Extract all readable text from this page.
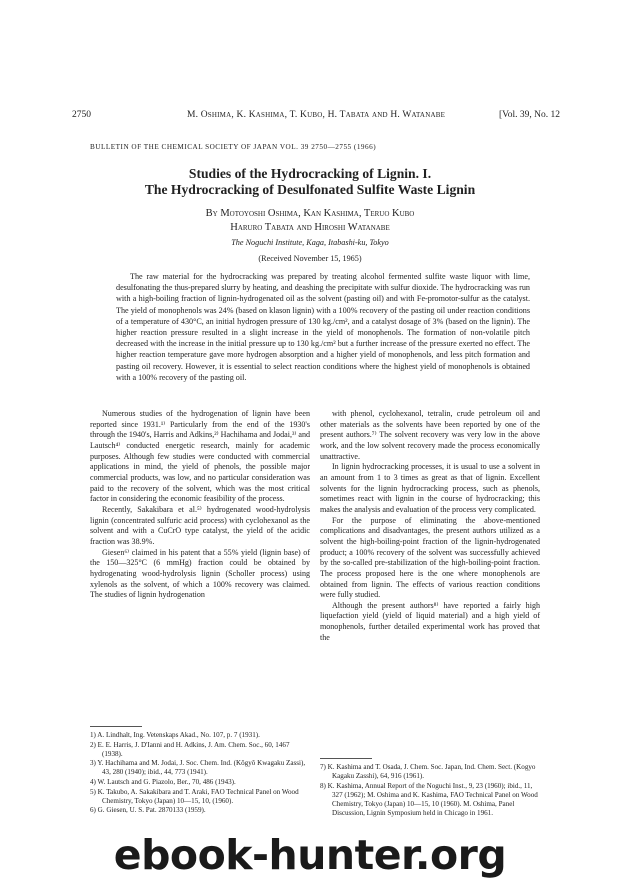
2750	M. Oshima, K. Kashima, T. Kubo, H. Tabata and H. Watanabe	[Vol. 39, No. 12
BULLETIN OF THE CHEMICAL SOCIETY OF JAPAN VOL. 39 2750—2755 (1966)
Studies of the Hydrocracking of Lignin. I.
The Hydrocracking of Desulfonated Sulfite Waste Lignin
By Motoyoshi Oshima, Kan Kashima, Teruo Kubo
Haruro Tabata and Hiroshi Watanabe
The Noguchi Institute, Kaga, Itabashi-ku, Tokyo
(Received November 15, 1965)

The raw material for the hydrocracking was prepared by treating alcohol fermented sulfite waste liquor with lime, desulfonating the thus-prepared slurry by heating, and deashing the precipitate with sulfur dioxide. The hydrocracking was run with a high-boiling fraction of lignin-hydrogenated oil as the solvent (pasting oil) and with Fe-promotor-sulfur as the catalyst. The yield of monophenols was 24% (based on klason lignin) with a 100% recovery of the pasting oil under reaction conditions of a temperature of 430°C, an initial hydrogen pressure of 130 kg./cm², and a catalyst dosage of 3% (based on the lignin). The higher reaction pressure resulted in a slight increase in the yield of monophenols. The formation of non-volatile pitch decreased with the increase in the initial pressure up to 130 kg./cm² but a further increase of the pressure exerted no effect. The higher reaction temperature gave more hydrogen absorption and a higher yield of monophenols, and less pitch formation and pasting oil recovery. However, it is essential to select reaction conditions where the highest yield of monophenols is obtained with a 100% recovery of the pasting oil.

Numerous studies of the hydrogenation of lignin have been reported since 1931.¹⁾ Particularly from the end of the 1930's through the 1940's, Harris and Adkins,²⁾ Hachihama and Jodai,³⁾ and Lautsch⁴⁾ conducted energetic research, mainly for academic purposes. Although few studies were conducted with commercial applications in mind, the yield of phenols, the possible major commercial products, was low, and no particular consideration was paid to the recovery of the solvent, which was the most critical factor in considering the economic feasibility of the process.

Recently, Sakakibara et al.⁵⁾ hydrogenated wood-hydrolysis lignin (concentrated sulfuric acid process) with cyclohexanol as the solvent and with a CuCrO type catalyst, the yield of the acidic fraction was 38.9%.

Giesen⁶⁾ claimed in his patent that a 55% yield (lignin base) of the 150—325°C (6 mmHg) fraction could be obtained by hydrogenating wood-hydrolysis lignin (Scholler process) using xylenols as the solvent, of which a 100% recovery was claimed. The studies of lignin hydrogenation

with phenol, cyclohexanol, tetralin, crude petroleum oil and other materials as the solvents have been reported by one of the present authors.⁷⁾ The solvent recovery was very low in the above work, and the low solvent recovery made the process economically unattractive.

In lignin hydrocracking processes, it is usual to use a solvent in an amount from 1 to 3 times as great as that of lignin. Excellent solvents for the lignin hydrocracking process, such as phenols, sometimes react with lignin in the course of hydrocracking; this makes the analysis and evaluation of the process very complicated.

For the purpose of eliminating the above-mentioned complications and disadvantages, the present authors utilized as a solvent the high-boiling-point fraction of the lignin-hydrogenated product; a 100% recovery of the solvent was successfully achieved by the so-called pre-stabilization of the high-boiling-point fraction. The process proposed here is the one where monophenols are obtained from lignin. The effects of various reaction conditions were fully studied.

Although the present authors⁸⁾ have reported a fairly high liquefaction yield (yield of liquid material) and a high yield of monophenols, further detailed experimental work has proved that the

1) A. Lindhalt, Ing. Vetenskaps Akad., No. 107, p. 7 (1931).

2) E. E. Harris, J. D'Ianni and H. Adkins, J. Am. Chem. Soc., 60, 1467 (1938).

3) Y. Hachihama and M. Jodai, J. Soc. Chem. Ind. (Kôgyô Kwagaku Zassi), 43, 280 (1940); ibid., 44, 773 (1941).

4) W. Lautsch and G. Piazolo, Ber., 70, 486 (1943).

5) K. Takubo, A. Sakakibara and T. Araki, FAO Technical Panel on Wood Chemistry, Tokyo (Japan) 10—15, 10, (1960).

6) G. Giesen, U. S. Pat. 2870133 (1959).

7) K. Kashima and T. Osada, J. Chem. Soc. Japan, Ind. Chem. Sect. (Kogyo Kagaku Zasshi), 64, 916 (1961).

8) K. Kashima, Annual Report of the Noguchi Inst., 9, 23 (1960); ibid., 11, 327 (1962); M. Oshima and K. Kashima, FAO Technical Panel on Wood Chemistry, Tokyo (Japan) 10—15, 10 (1960). M. Oshima, Panel Discussion, Lignin Symposium held in Chicago in 1961.

ebook-hunter.org
